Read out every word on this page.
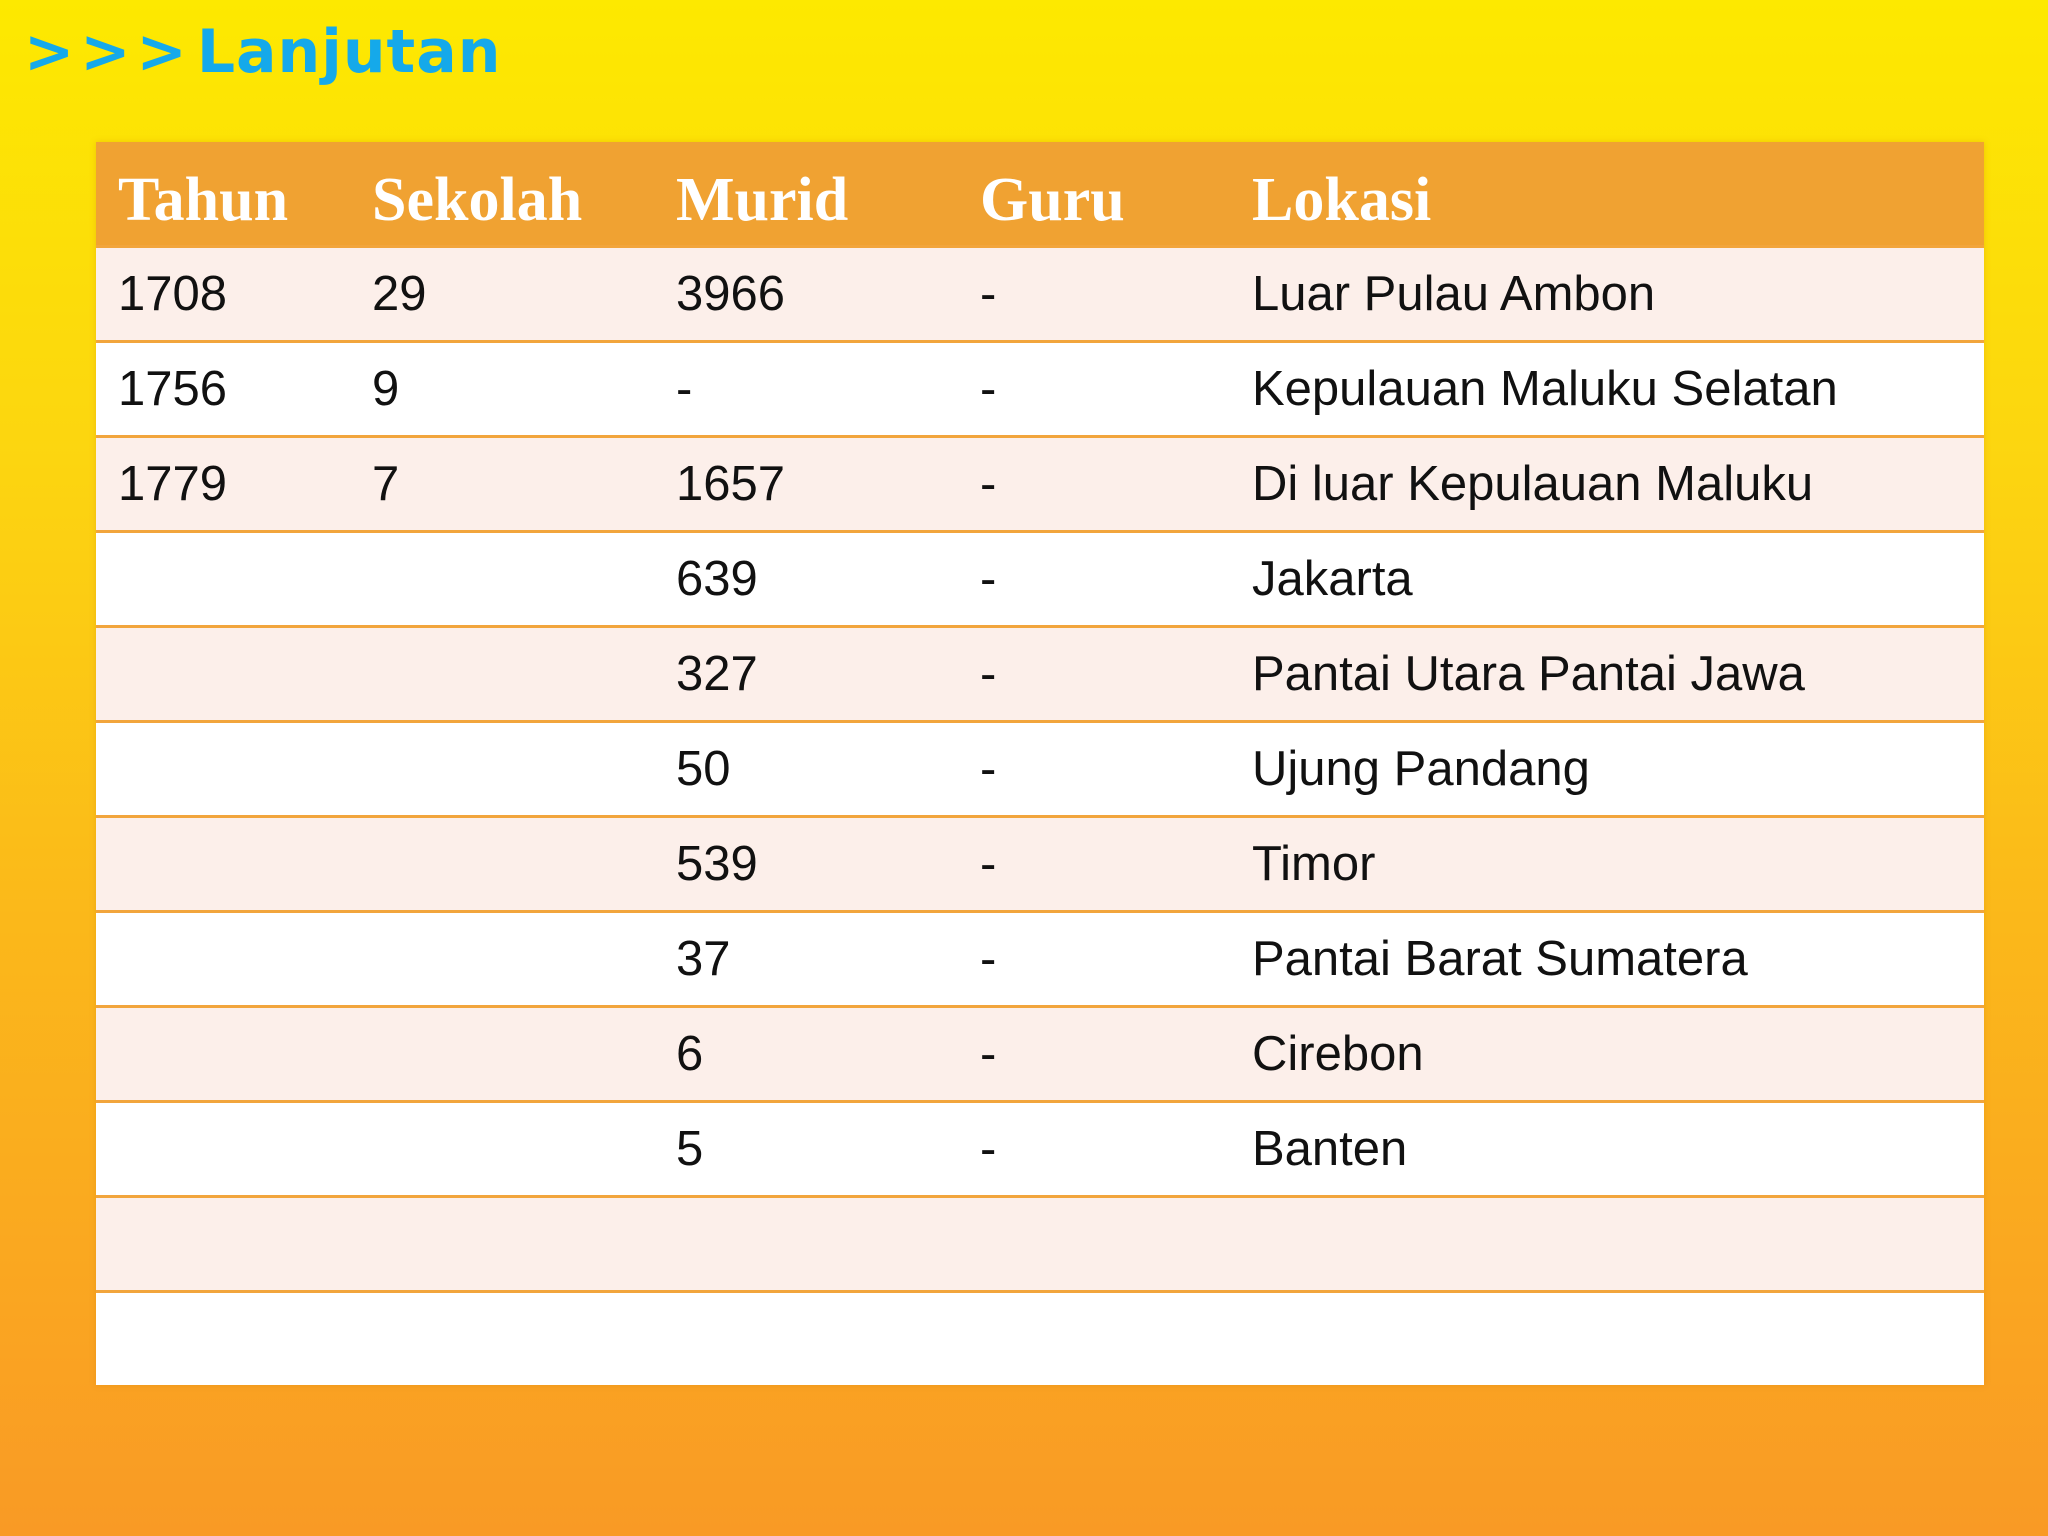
>>>Lanjutan
Tahun	Sekolah	Murid	Guru	Lokasi
1708	29	3966	-	Luar Pulau Ambon
1756	9	-	-	Kepulauan Maluku Selatan
1779	7	1657	-	Di luar Kepulauan Maluku
		639	-	Jakarta
		327	-	Pantai Utara Pantai Jawa
		50	-	Ujung Pandang
		539	-	Timor
		37	-	Pantai Barat Sumatera
		6	-	Cirebon
		5	-	Banten
